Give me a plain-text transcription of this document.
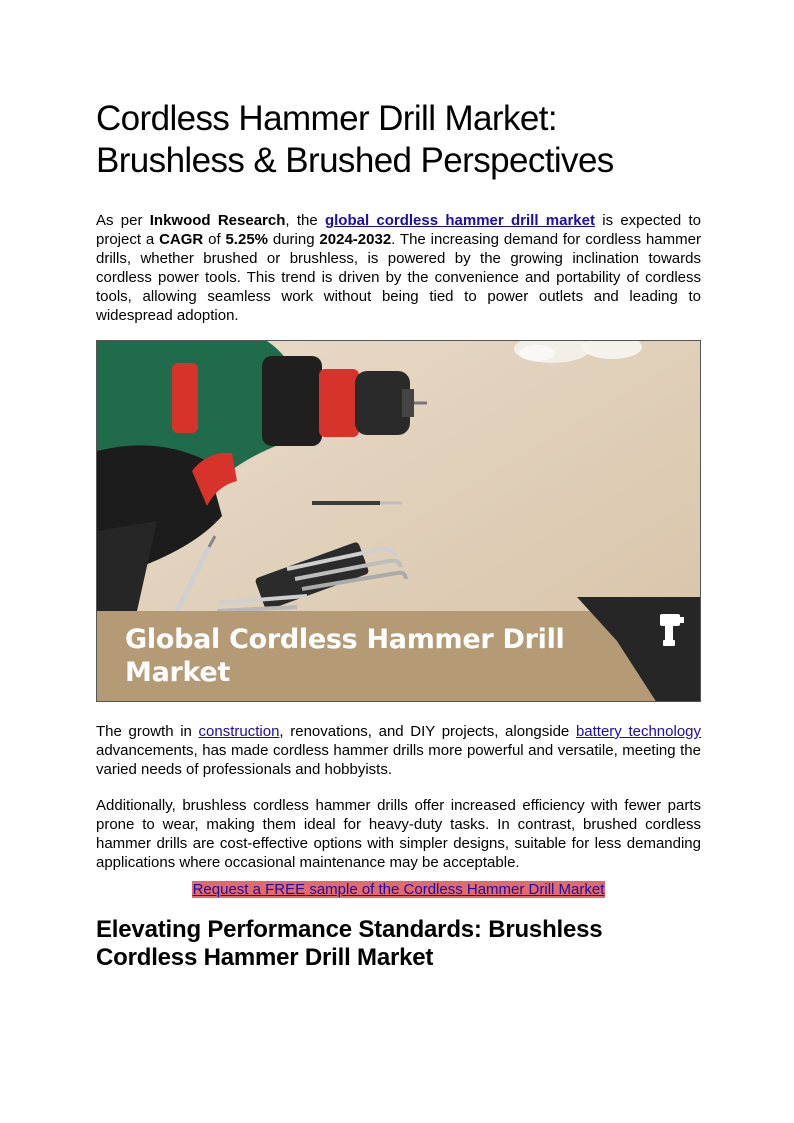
Cordless Hammer Drill Market:
Brushless & Brushed Perspectives

As per Inkwood Research, the global cordless hammer drill market is expected to project a CAGR of 5.25% during 2024-2032. The increasing demand for cordless hammer drills, whether brushed or brushless, is powered by the growing inclination towards cordless power tools. This trend is driven by the convenience and portability of cordless tools, allowing seamless work without being tied to power outlets and leading to widespread adoption.

Global Cordless Hammer Drill
Market

The growth in construction, renovations, and DIY projects, alongside battery technology advancements, has made cordless hammer drills more powerful and versatile, meeting the varied needs of professionals and hobbyists.

Additionally, brushless cordless hammer drills offer increased efficiency with fewer parts prone to wear, making them ideal for heavy-duty tasks. In contrast, brushed cordless hammer drills are cost-effective options with simpler designs, suitable for less demanding applications where occasional maintenance may be acceptable.

Request a FREE sample of the Cordless Hammer Drill Market
Elevating Performance Standards: Brushless
Cordless Hammer Drill Market
